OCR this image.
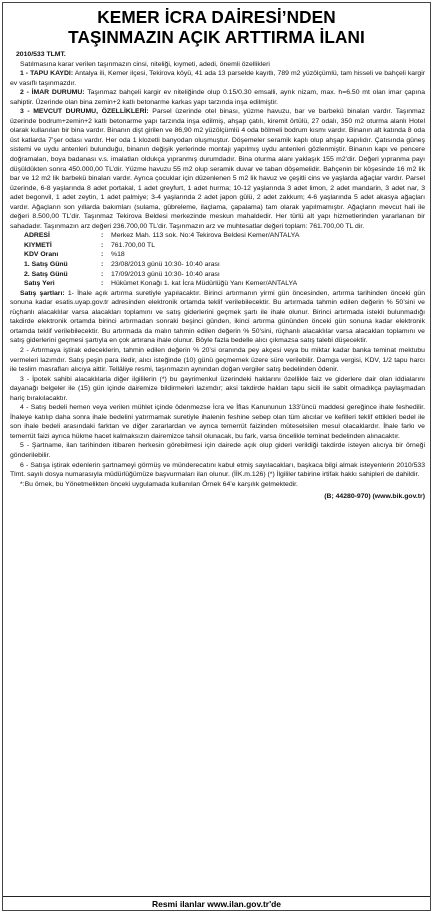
KEMER İCRA DAİRESİ’NDEN
TAŞINMAZIN AÇIK ARTTIRMA İLANI
2010/533 TLMT.

Satılmasına karar verilen taşınmazın cinsi, niteliği, kıymeti, adedi, önemli özellikleri

1 - TAPU KAYDI: Antalya ili, Kemer ilçesi, Tekirova köyü, 41 ada 13 parselde kayıtlı, 789 m2 yüzölçümlü, tam hisseli ve bahçeli kargir ev vasıflı taşınmazdır.

2 - İMAR DURUMU: Taşınmaz bahçeli kargir ev niteliğinde olup 0.15/0.30 emsalli, ayrık nizam, max. h=6.50 mt olan imar çapına sahiptir. Üzerinde olan bina zemin+2 katlı betonarme karkas yapı tarzında inşa edilmiştir.

3 - MEVCUT DURUMU, ÖZELLİKLERİ: Parsel üzerinde otel binası, yüzme havuzu, bar ve barbekü binaları vardır. Taşınmaz üzerinde bodrum+zemin+2 katlı betonarme yapı tarzında inşa edilmiş, ahşap çatılı, kiremit örtülü, 27 odalı, 350 m2 oturma alanlı Hotel olarak kullanılan bir bina vardır. Binanın dişt girilen ve 86,90 m2 yüzölçümlü 4 oda bölmeli bodrum kısmı vardır. Binanın alt katında 8 oda üst katlarda 7’şer odası vardır. Her oda 1 klozetli banyodan oluşmuştur. Döşemeler seramik kaplı olup ahşap kapılıdır. Çatısında güneş sistemi ve uydu antenleri bulunduğu, binanın değişik yerlerinde montajı yapılmış uydu antenleri gözlenmiştir. Binanın kapı ve pencere doğramaları, boya badanası v.s. imalatları oldukça yıpranmış durumdadır. Bina oturma alanı yaklaşık 155 m2’dir. Değeri yıpranma payı düşüldükten sonra 450.000,00 TL’dir. Yüzme havuzu 55 m2 olup seramik duvar ve taban döşemelidir. Bahçenin bir köşesinde 16 m2 lik bar ve 12 m2 lik barbekü binaları vardır. Ayrıca çocuklar için düzenlenen 5 m2 lik havuz ve çeşitli cins ve yaşlarda ağaçlar vardır. Parsel üzerinde, 6-8 yaşlarında 8 adet portakal, 1 adet greyfurt, 1 adet hurma; 10-12 yaşlarında 3 adet limon, 2 adet mandarin, 3 adet nar, 3 adet begonvil, 1 adet zeytin, 1 adet palmiye; 3-4 yaşlarında 2 adet japon gülü, 2 adet zakkum; 4-6 yaşlarında 5 adet akasya ağaçları vardır. Ağaçların son yıllarda bakımları (sulama, gübreleme, ilaçlama, çapalama) tam olarak yapılmamıştır. Ağaçların mevcut hali ile değeri 8.500,00 TL’dir. Taşınmaz Tekirova Beldesi merkezinde meskun mahaldedir. Her türlü alt yapı hizmetlerinden yararlanan bir sahadadır. Taşınmazın arz değeri 236.700,00 TL’dir. Taşınmazın arz ve muhtesatlar değeri toplam: 761.700,00 TL dir.

ADRESİ	:	Merkez Mah. 113 sok. No:4 Tekirova Beldesi Kemer/ANTALYA
KIYMETİ	:	761.700,00 TL
KDV Oranı	:	%18
1. Satış Günü	:	23/08/2013 günü 10:30- 10:40 arası
2. Satış Günü	:	17/09/2013 günü 10:30- 10:40 arası
Satış Yeri	:	Hükümet Konağı 1. kat İcra Müdürlüğü Yanı Kemer/ANTALYA

Satış şartları: 1- İhale açık artırma suretiyle yapılacaktır. Birinci artırmanın yirmi gün öncesinden, artırma tarihinden önceki gün sonuna kadar esatis.uyap.gov.tr adresinden elektronik ortamda teklif verilebilecektir. Bu artırmada tahmin edilen değerin % 50’sini ve rüçhanlı alacaklılar varsa alacakları toplamını ve satış giderlerini geçmek şartı ile ihale olunur. Birinci artırmada istekli bulunmadığı takdirde elektronik ortamda birinci artırmadan sonraki beşinci günden, ikinci artırma gününden önceki gün sonuna kadar elektronik ortamda teklif verilebilecektir. Bu artırmada da malın tahmin edilen değerin % 50’sini, rüçhanlı alacaklılar varsa alacakları toplamını ve satış giderlerini geçmesi şartıyla en çok artırana ihale olunur. Böyle fazla bedelle alıcı çıkmazsa satış talebi düşecektir.

2 - Artırmaya iştirak edeceklerin, tahmin edilen değerin % 20’si oranında pey akçesi veya bu miktar kadar banka teminat mektubu vermeleri lazımdır. Satış peşin para iledir, alıcı isteğinde (10) günü geçmemek üzere süre verilebilir. Damga vergisi, KDV, 1/2 tapu harcı ile teslim masrafları alıcıya aittir. Tellâliye resmi, taşınmazın aynından doğan vergiler satış bedelinden ödenir.

3 - İpotek sahibi alacaklılarla diğer ilgililerin (*) bu gayrimenkul üzerindeki haklarını özellikle faiz ve giderlere dair olan iddialarını dayanağı belgeler ile (15) gün içinde dairemize bildirmeleri lazımdır; aksi takdirde hakları tapu sicili ile sabit olmadıkça paylaşmadan hariç bırakılacaktır.

4 - Satış bedeli hemen veya verilen mühlet içinde ödenmezse İcra ve İflas Kanununun 133’üncü maddesi gereğince ihale feshedilir. İhaleye katılıp daha sonra ihale bedelini yatırmamak suretiyle ihalenin feshine sebep olan tüm alıcılar ve kefilleri teklif ettikleri bedel ile son ihale bedeli arasındaki farktan ve diğer zararlardan ve ayrıca temerrüt faizinden müteselsilen mesul olacaklardır. İhale farkı ve temerrüt faizi ayrıca hükme hacet kalmaksızın dairemizce tahsil olunacak, bu fark, varsa öncelikle teminat bedelinden alınacaktır.

5 - Şartname, ilan tarihinden itibaren herkesin görebilmesi için dairede açık olup gideri verildiği takdirde isteyen alıcıya bir örneği gönderilebilir.

6 - Satışa iştirak edenlerin şartnameyi görmüş ve münderecatını kabul etmiş sayılacakları, başkaca bilgi almak isteyenlerin 2010/533 Tlmt. sayılı dosya numarasıyla müdürlüğümüze başvurmaları ilan olunur. (İİK.m.126) (*) İlgililer tabirine irtifak hakkı sahipleri de dahildir.

*:Bu örnek, bu Yönetmelikten önceki uygulamada kullanılan Örnek 64’e karşılık gelmektedir.

(B; 44280-970) (www.bik.gov.tr)
Resmi ilanlar www.ilan.gov.tr'de
